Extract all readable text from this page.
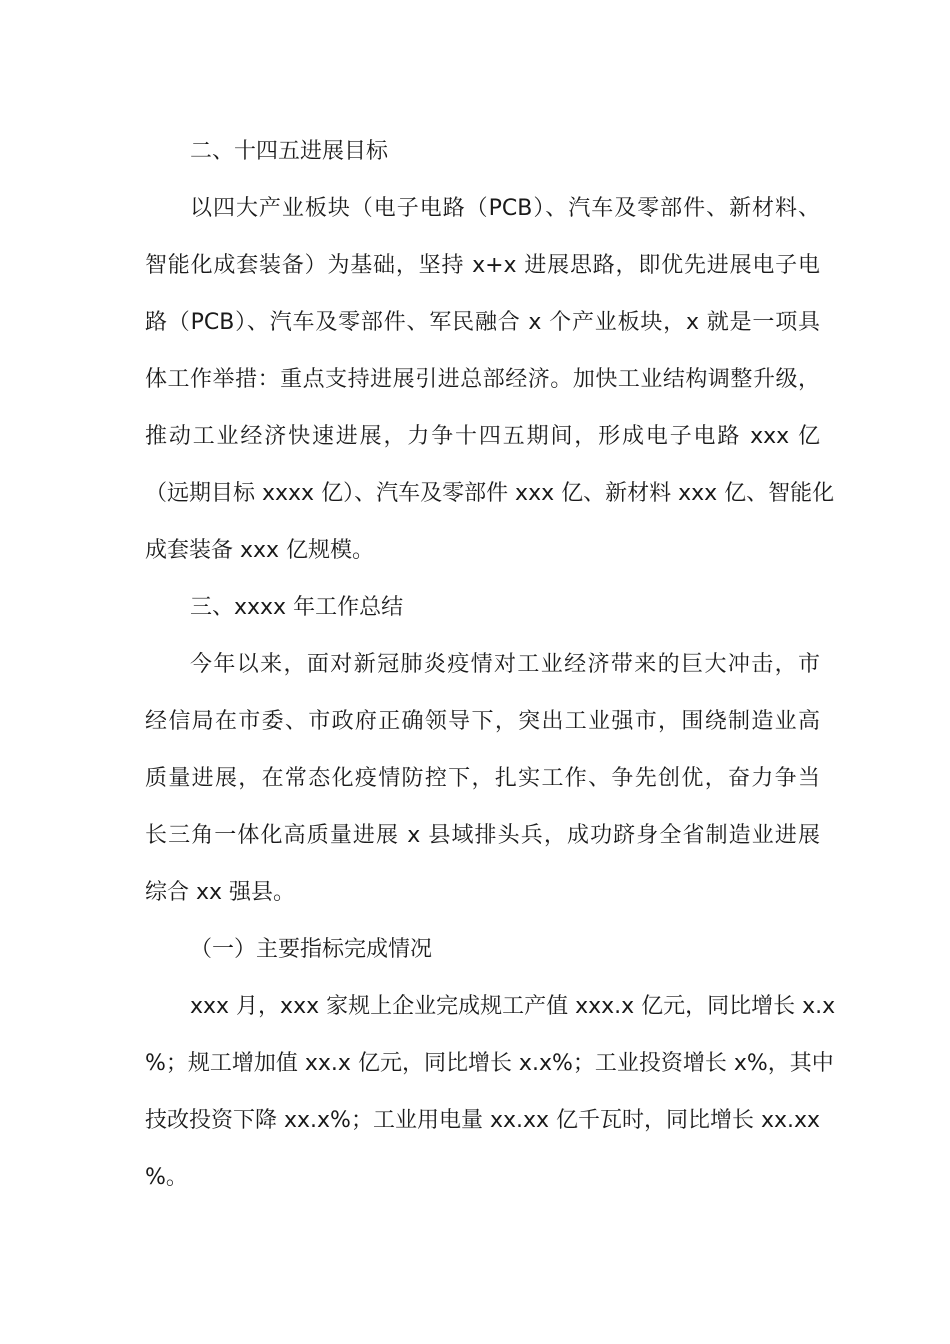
二、十四五进展目标
以四大产业板块（电子电路（PCB）、汽车及零部件、新材料、
智能化成套装备）为基础，坚持 x+x 进展思路，即优先进展电子电
路（PCB）、汽车及零部件、军民融合 x 个产业板块，x 就是一项具
体工作举措：重点支持进展引进总部经济。加快工业结构调整升级，
推动工业经济快速进展，力争十四五期间，形成电子电路 xxx 亿
（远期目标 xxxx 亿）、汽车及零部件 xxx 亿、新材料 xxx 亿、智能化
成套装备 xxx 亿规模。
三、xxxx 年工作总结
今年以来，面对新冠肺炎疫情对工业经济带来的巨大冲击，市
经信局在市委、市政府正确领导下，突出工业强市，围绕制造业高
质量进展，在常态化疫情防控下，扎实工作、争先创优，奋力争当
长三角一体化高质量进展 x 县域排头兵，成功跻身全省制造业进展
综合 xx 强县。
（一）主要指标完成情况
xxx 月，xxx 家规上企业完成规工产值 xxx.x 亿元，同比增长 x.x
%；规工增加值 xx.x 亿元，同比增长 x.x%；工业投资增长 x%，其中
技改投资下降 xx.x%；工业用电量 xx.xx 亿千瓦时，同比增长 xx.xx
%。
